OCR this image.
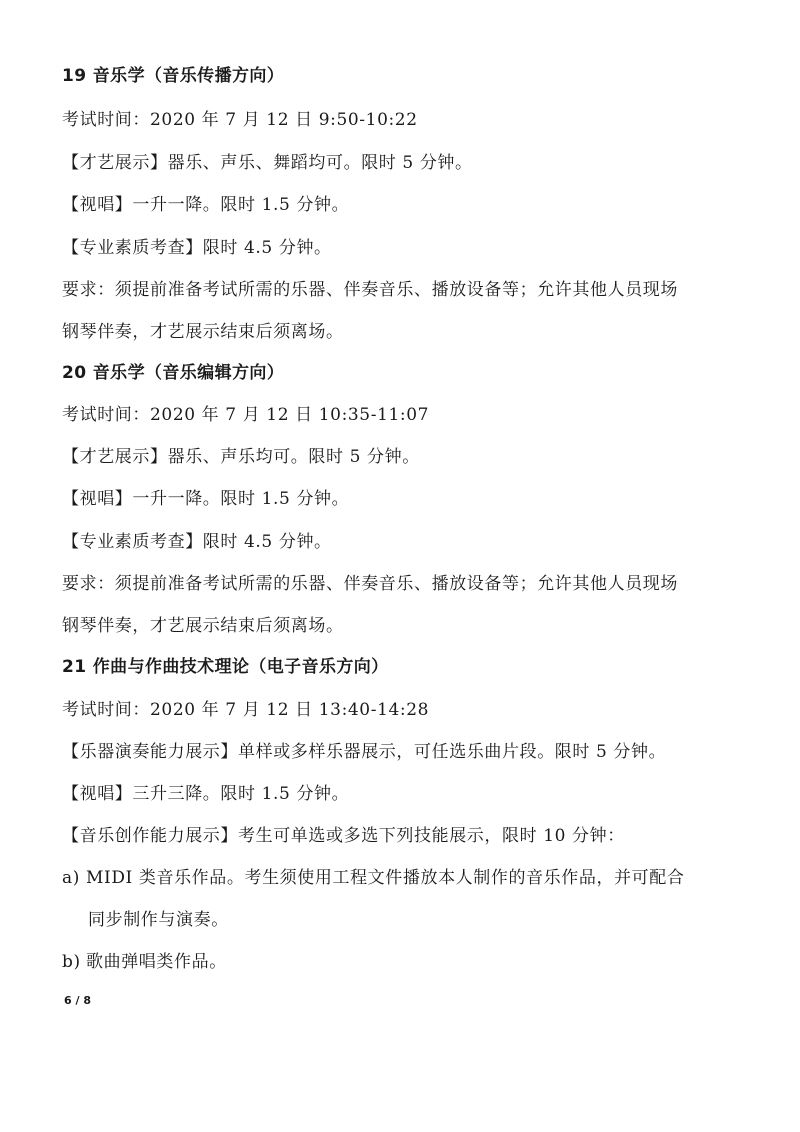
19 音乐学（音乐传播方向）
考试时间：2020 年 7 月 12 日 9:50-10:22
【才艺展示】器乐、声乐、舞蹈均可。限时 5 分钟。
【视唱】一升一降。限时 1.5 分钟。
【专业素质考查】限时 4.5 分钟。
要求：须提前准备考试所需的乐器、伴奏音乐、播放设备等；允许其他人员现场
钢琴伴奏，才艺展示结束后须离场。
20 音乐学（音乐编辑方向）
考试时间：2020 年 7 月 12 日 10:35-11:07
【才艺展示】器乐、声乐均可。限时 5 分钟。
【视唱】一升一降。限时 1.5 分钟。
【专业素质考查】限时 4.5 分钟。
要求：须提前准备考试所需的乐器、伴奏音乐、播放设备等；允许其他人员现场
钢琴伴奏，才艺展示结束后须离场。
21 作曲与作曲技术理论（电子音乐方向）
考试时间：2020 年 7 月 12 日 13:40-14:28
【乐器演奏能力展示】单样或多样乐器展示，可任选乐曲片段。限时 5 分钟。
【视唱】三升三降。限时 1.5 分钟。
【音乐创作能力展示】考生可单选或多选下列技能展示，限时 10 分钟：
a) MIDI 类音乐作品。考生须使用工程文件播放本人制作的音乐作品，并可配合
同步制作与演奏。
b) 歌曲弹唱类作品。
6 / 8
